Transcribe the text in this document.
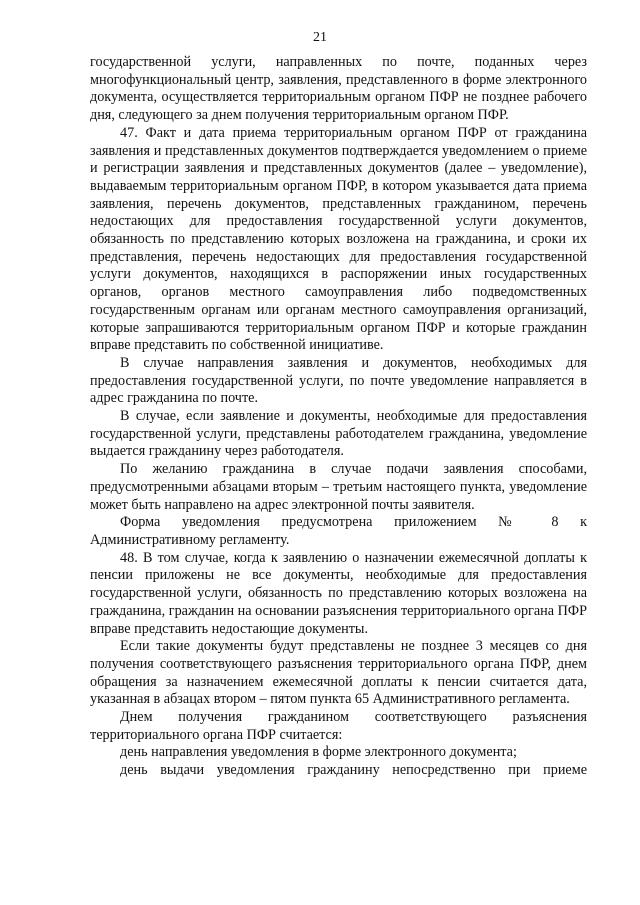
21

государственной услуги, направленных по почте, поданных через многофункциональный центр, заявления, представленного в форме электронного документа, осуществляется территориальным органом ПФР не позднее рабочего дня, следующего за днем получения территориальным органом ПФР.

47. Факт и дата приема территориальным органом ПФР от гражданина заявления и представленных документов подтверждается уведомлением о приеме и регистрации заявления и представленных документов (далее – уведомление), выдаваемым территориальным органом ПФР, в котором указывается дата приема заявления, перечень документов, представленных гражданином, перечень недостающих для предоставления государственной услуги документов, обязанность по представлению которых возложена на гражданина, и сроки их представления, перечень недостающих для предоставления государственной услуги документов, находящихся в распоряжении иных государственных органов, органов местного самоуправления либо подведомственных государственным органам или органам местного самоуправления организаций, которые запрашиваются территориальным органом ПФР и которые гражданин вправе представить по собственной инициативе.

В случае направления заявления и документов, необходимых для предоставления государственной услуги, по почте уведомление направляется в адрес гражданина по почте.

В случае, если заявление и документы, необходимые для предоставления государственной услуги, представлены работодателем гражданина, уведомление выдается гражданину через работодателя.

По желанию гражданина в случае подачи заявления способами, предусмотренными абзацами вторым – третьим настоящего пункта, уведомление может быть направлено на адрес электронной почты заявителя.

Форма уведомления предусмотрена приложением № 8 к Административному регламенту.

48. В том случае, когда к заявлению о назначении ежемесячной доплаты к пенсии приложены не все документы, необходимые для предоставления государственной услуги, обязанность по представлению которых возложена на гражданина, гражданин на основании разъяснения территориального органа ПФР вправе представить недостающие документы.

Если такие документы будут представлены не позднее 3 месяцев со дня получения соответствующего разъяснения территориального органа ПФР, днем обращения за назначением ежемесячной доплаты к пенсии считается дата, указанная в абзацах втором – пятом пункта 65 Административного регламента.

Днем получения гражданином соответствующего разъяснения территориального органа ПФР считается:

день направления уведомления в форме электронного документа;

день выдачи уведомления гражданину непосредственно при приеме
